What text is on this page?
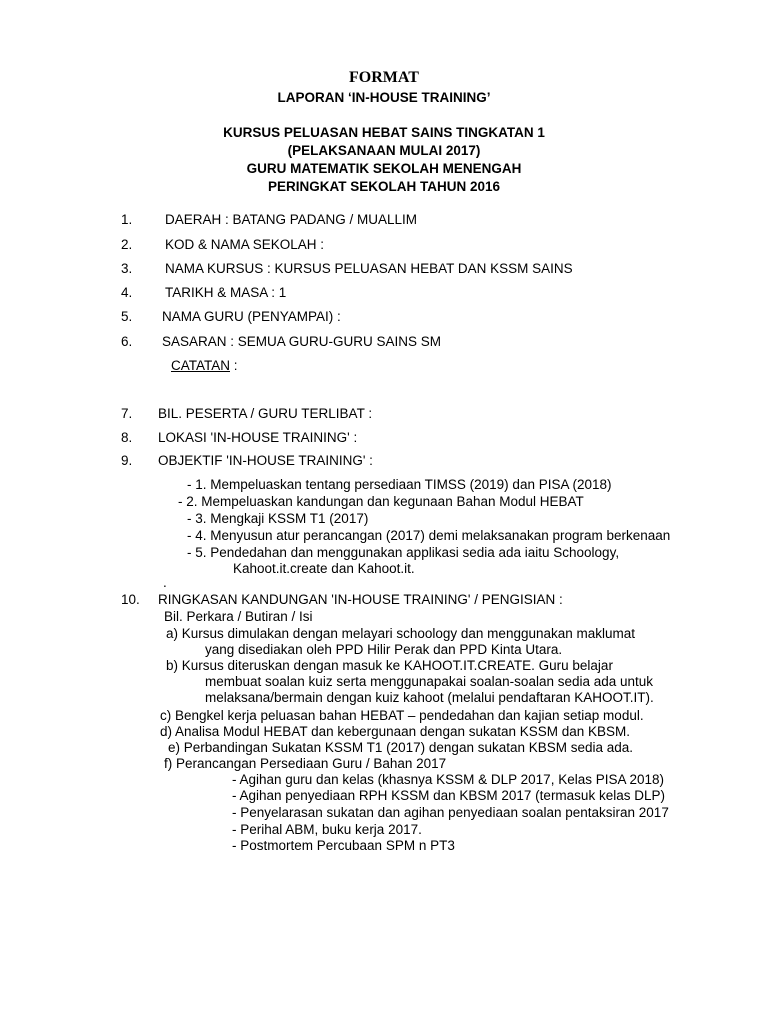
FORMAT
LAPORAN ‘IN-HOUSE TRAINING’
KURSUS PELUASAN HEBAT SAINS TINGKATAN 1
(PELAKSANAAN MULAI 2017)
GURU MATEMATIK SEKOLAH MENENGAH
PERINGKAT SEKOLAH TAHUN 2016
1. DAERAH : BATANG PADANG / MUALLIM
2. KOD & NAMA SEKOLAH :
3. NAMA KURSUS : KURSUS PELUASAN HEBAT DAN KSSM SAINS
4. TARIKH & MASA : 1
5. NAMA GURU (PENYAMPAI) :
6. SASARAN : SEMUA GURU-GURU SAINS SM
CATATAN :
7. BIL. PESERTA / GURU TERLIBAT :
8. LOKASI 'IN-HOUSE TRAINING' :
9. OBJEKTIF 'IN-HOUSE TRAINING' :
- 1. Mempeluaskan tentang persediaan TIMSS (2019) dan PISA (2018)
- 2. Mempeluaskan kandungan dan kegunaan Bahan Modul HEBAT
- 3. Mengkaji KSSM T1 (2017)
- 4. Menyusun atur perancangan (2017) demi melaksanakan program berkenaan
- 5. Pendedahan dan menggunakan applikasi sedia ada iaitu Schoology,
Kahoot.it.create dan Kahoot.it.
.
10. RINGKASAN KANDUNGAN 'IN-HOUSE TRAINING' / PENGISIAN :
Bil. Perkara / Butiran / Isi
a) Kursus dimulakan dengan melayari schoology dan menggunakan maklumat
yang disediakan oleh PPD Hilir Perak dan PPD Kinta Utara.
b) Kursus diteruskan dengan masuk ke KAHOOT.IT.CREATE. Guru belajar
membuat soalan kuiz serta menggunapakai soalan-soalan sedia ada untuk
melaksana/bermain dengan kuiz kahoot (melalui pendaftaran KAHOOT.IT).
c) Bengkel kerja peluasan bahan HEBAT – pendedahan dan kajian setiap modul.
d) Analisa Modul HEBAT dan kebergunaan dengan sukatan KSSM dan KBSM.
e) Perbandingan Sukatan KSSM T1 (2017) dengan sukatan KBSM sedia ada.
f) Perancangan Persediaan Guru / Bahan 2017
- Agihan guru dan kelas (khasnya KSSM & DLP 2017, Kelas PISA 2018)
- Agihan penyediaan RPH KSSM dan KBSM 2017 (termasuk kelas DLP)
- Penyelarasan sukatan dan agihan penyediaan soalan pentaksiran 2017
- Perihal ABM, buku kerja 2017.
- Postmortem Percubaan SPM n PT3
